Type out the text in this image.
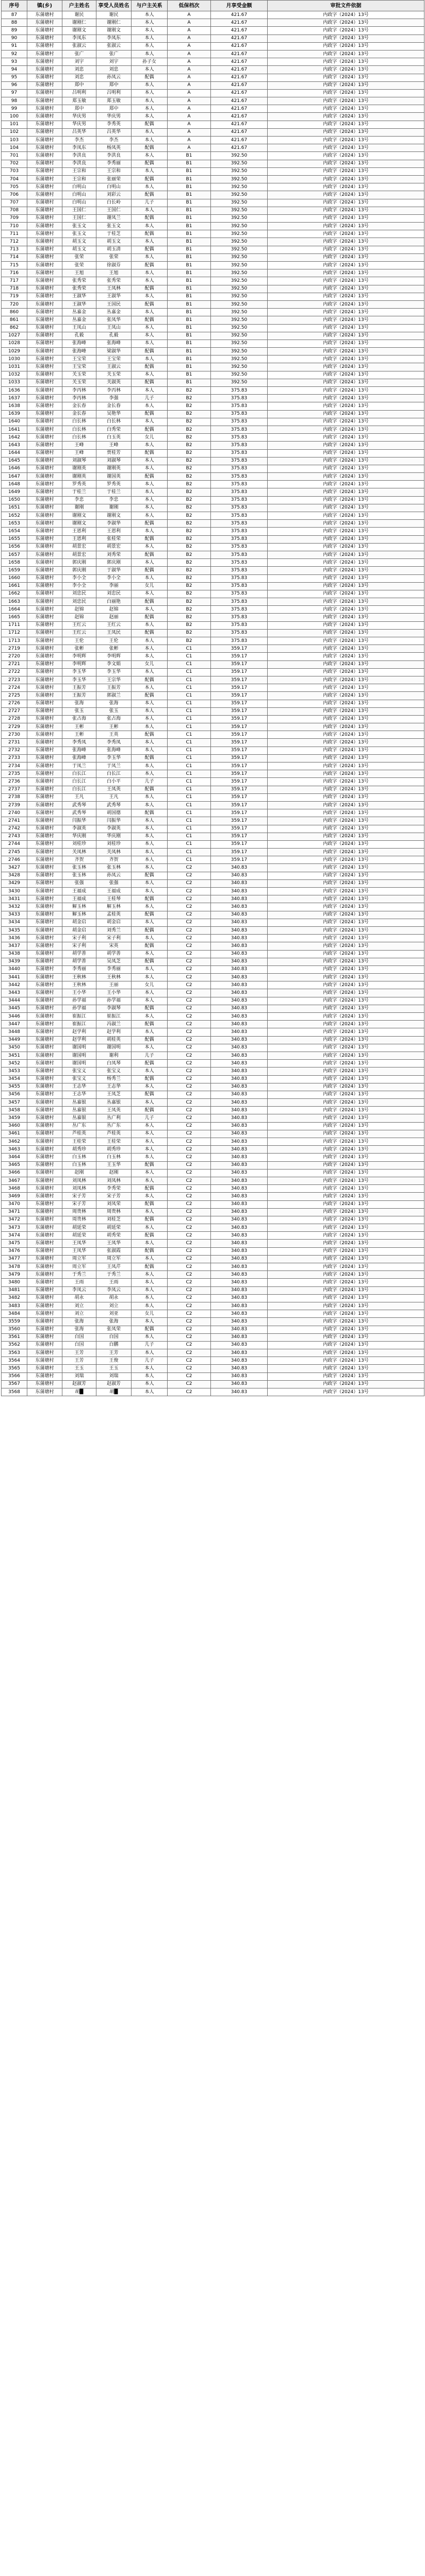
序号	镇(乡)	户主姓名	享受人员姓名	与户主关系	低保档次	月享受金额	审批文件依据
87	东蒲塘村	谢民	谢民	本人	A	421.67	内政字（2024）13号
88	东蒲塘村	谢刚仁	谢刚仁	本人	A	421.67	内政字（2024）13号
89	东蒲塘村	谢刚文	谢刚文	本人	A	421.67	内政字（2024）13号
90	东蒲塘村	李凤东	李凤东	本人	A	421.67	内政字（2024）13号
91	东蒲塘村	张淑云	张淑云	本人	A	421.67	内政字（2024）13号
92	东蒲塘村	张广	张广	本人	A	421.67	内政字（2024）13号
93	东蒲塘村	刘宇	刘宇	孙子女	A	421.67	内政字（2024）13号
94	东蒲塘村	刘忠	刘忠	本人	A	421.67	内政字（2024）13号
95	东蒲塘村	刘忠	孙凤云	配偶	A	421.67	内政字（2024）13号
96	东蒲塘村	郑中	郑中	本人	A	421.67	内政字（2024）13号
97	东蒲塘村	吕明利	吕明利	本人	A	421.67	内政字（2024）13号
98	东蒲塘村	郑玉敏	郑玉敏	本人	A	421.67	内政字（2024）13号
99	东蒲塘村	郑中	郑中	本人	A	421.67	内政字（2024）13号
100	东蒲塘村	华庆男	华庆男	本人	A	421.67	内政字（2024）13号
101	东蒲塘村	华庆男	李秀英	配偶	A	421.67	内政字（2024）13号
102	东蒲塘村	吕英华	吕英华	本人	A	421.67	内政字（2024）13号
103	东蒲塘村	李杰	李杰	本人	A	421.67	内政字（2024）13号
104	东蒲塘村	李凤东	杨凤英	配偶	A	421.67	内政字（2024）13号
701	东蒲塘村	李洪良	李洪良	本人	B1	392.50	内政字（2024）13号
702	东蒲塘村	李洪良	李秀丽	配偶	B1	392.50	内政字（2024）13号
703	东蒲塘村	王宗和	王宗和	本人	B1	392.50	内政字（2024）13号
704	东蒲塘村	王宗和	张丽荣	配偶	B1	392.50	内政字（2024）13号
705	东蒲塘村	白明山	白明山	本人	B1	392.50	内政字（2024）13号
706	东蒲塘村	白明山	刘彩云	配偶	B1	392.50	内政字（2024）13号
707	东蒲塘村	白明山	白长岭	儿子	B1	392.50	内政字（2024）13号
708	东蒲塘村	王国仁	王国仁	本人	B1	392.50	内政字（2024）13号
709	东蒲塘村	王国仁	谢凤兰	配偶	B1	392.50	内政字（2024）13号
710	东蒲塘村	张玉文	张玉文	本人	B1	392.50	内政字（2024）13号
711	东蒲塘村	张玉文	于桂芝	配偶	B1	392.50	内政字（2024）13号
712	东蒲塘村	胡玉文	胡玉文	本人	B1	392.50	内政字（2024）13号
713	东蒲塘村	胡玉文	胡玉清	配偶	B1	392.50	内政字（2024）13号
714	东蒲塘村	张荣	张荣	本人	B1	392.50	内政字（2024）13号
715	东蒲塘村	张荣	徐淑芬	配偶	B1	392.50	内政字（2024）13号
716	东蒲塘村	王旭	王旭	本人	B1	392.50	内政字（2024）13号
717	东蒲塘村	张秀荣	张秀荣	本人	B1	392.50	内政字（2024）13号
718	东蒲塘村	张秀荣	王凤林	配偶	B1	392.50	内政字（2024）13号
719	东蒲塘村	王淑华	王淑华	本人	B1	392.50	内政字（2024）13号
720	东蒲塘村	王淑华	王国民	配偶	B1	392.50	内政字（2024）13号
860	东蒲塘村	丛嘉金	丛嘉金	本人	B1	392.50	内政字（2024）13号
861	东蒲塘村	丛嘉金	张凤华	配偶	B1	392.50	内政字（2024）13号
862	东蒲塘村	王凤山	王凤山	本人	B1	392.50	内政字（2024）13号
1027	东蒲塘村	孔毅	孔毅	本人	B1	392.50	内政字（2024）13号
1028	东蒲塘村	张海峰	张海峰	本人	B1	392.50	内政字（2024）13号
1029	东蒲塘村	张海峰	梁淑华	配偶	B1	392.50	内政字（2024）13号
1030	东蒲塘村	王宝荣	王宝荣	本人	B1	392.50	内政字（2024）13号
1031	东蒲塘村	王宝荣	王淑云	配偶	B1	392.50	内政字（2024）13号
1032	东蒲塘村	关玉荣	关玉荣	本人	B1	392.50	内政字（2024）13号
1033	东蒲塘村	关玉荣	关淑英	配偶	B1	392.50	内政字（2024）13号
1636	东蒲塘村	李丙林	李丙林	本人	B2	375.83	内政字（2024）13号
1637	东蒲塘村	李丙林	李强	儿子	B2	375.83	内政字（2024）13号
1638	东蒲塘村	金长春	金长春	本人	B2	375.83	内政字（2024）13号
1639	东蒲塘村	金长春	吴艳华	配偶	B2	375.83	内政字（2024）13号
1640	东蒲塘村	白长林	白长林	本人	B2	375.83	内政字（2024）13号
1641	东蒲塘村	白长林	白秀荣	配偶	B2	375.83	内政字（2024）13号
1642	东蒲塘村	白长林	白玉英	女儿	B2	375.83	内政字（2024）13号
1643	东蒲塘村	王峰	王峰	本人	B2	375.83	内政字（2024）13号
1644	东蒲塘村	王峰	贾桂芳	配偶	B2	375.83	内政字（2024）13号
1645	东蒲塘村	刘淑琴	刘淑琴	本人	B2	375.83	内政字（2024）13号
1646	东蒲塘村	谢刚英	谢刚英	本人	B2	375.83	内政字（2024）13号
1647	东蒲塘村	谢刚英	谢国英	配偶	B2	375.83	内政字（2024）13号
1648	东蒲塘村	罗秀英	罗秀英	本人	B2	375.83	内政字（2024）13号
1649	东蒲塘村	于桂兰	于桂兰	本人	B2	375.83	内政字（2024）13号
1650	东蒲塘村	李忠	李忠	本人	B2	375.83	内政字（2024）13号
1651	东蒲塘村	谢刚	谢刚	本人	B2	375.83	内政字（2024）13号
1652	东蒲塘村	谢刚文	谢刚文	本人	B2	375.83	内政字（2024）13号
1653	东蒲塘村	谢刚文	李淑华	配偶	B2	375.83	内政字（2024）13号
1654	东蒲塘村	王恩利	王恩利	本人	B2	375.83	内政字（2024）13号
1655	东蒲塘村	王恩利	张桂荣	配偶	B2	375.83	内政字（2024）13号
1656	东蒲塘村	胡景宏	胡景宏	本人	B2	375.83	内政字（2024）13号
1657	东蒲塘村	胡景宏	刘秀荣	配偶	B2	375.83	内政字（2024）13号
1658	东蒲塘村	郭庆刚	郭庆刚	本人	B2	375.83	内政字（2024）13号
1659	东蒲塘村	郭庆刚	于淑华	配偶	B2	375.83	内政字（2024）13号
1660	东蒲塘村	李小全	李小全	本人	B2	375.83	内政字（2024）13号
1661	东蒲塘村	李小全	李丽	女儿	B2	375.83	内政字（2024）13号
1662	东蒲塘村	刘忠民	刘忠民	本人	B2	375.83	内政字（2024）13号
1663	东蒲塘村	刘忠民	白丽艳	配偶	B2	375.83	内政字（2024）13号
1664	东蒲塘村	赵锦	赵锦	本人	B2	375.83	内政字（2024）13号
1665	东蒲塘村	赵锦	赵丽	配偶	B2	375.83	内政字（2024）13号
1711	东蒲塘村	王红云	王红云	本人	B2	375.83	内政字（2024）13号
1712	东蒲塘村	王红云	王凤民	配偶	B2	375.83	内政字（2024）13号
1713	东蒲塘村	王伦	王伦	本人	B2	375.83	内政字（2024）13号
2719	东蒲塘村	张彬	张彬	本人	C1	359.17	内政字（2024）13号
2720	东蒲塘村	李明辉	李明辉	本人	C1	359.17	内政字（2024）13号
2721	东蒲塘村	李明辉	李文娟	女儿	C1	359.17	内政字（2024）13号
2722	东蒲塘村	李玉华	李玉华	本人	C1	359.17	内政字（2024）13号
2723	东蒲塘村	李玉华	王宗华	配偶	C1	359.17	内政字（2024）13号
2724	东蒲塘村	王振芳	王振芳	本人	C1	359.17	内政字（2024）13号
2725	东蒲塘村	王振芳	郭淑兰	配偶	C1	359.17	内政字（2024）13号
2726	东蒲塘村	张海	张海	本人	C1	359.17	内政字（2024）13号
2727	东蒲塘村	张玉	张玉	本人	C1	359.17	内政字（2024）13号
2728	东蒲塘村	张占海	张占海	本人	C1	359.17	内政字（2024）13号
2729	东蒲塘村	王彬	王彬	本人	C1	359.17	内政字（2024）13号
2730	东蒲塘村	王彬	王英	配偶	C1	359.17	内政字（2024）13号
2731	东蒲塘村	李秀凤	李秀凤	本人	C1	359.17	内政字（2024）13号
2732	东蒲塘村	张海峰	张海峰	本人	C1	359.17	内政字（2024）13号
2733	东蒲塘村	张海峰	李玉华	配偶	C1	359.17	内政字（2024）13号
2734	东蒲塘村	于凤兰	于凤兰	本人	C1	359.17	内政字（2024）13号
2735	东蒲塘村	白长江	白长江	本人	C1	359.17	内政字（2024）13号
2736	东蒲塘村	白长江	白小平	儿子	C1	359.17	内政字（2024）13号
2737	东蒲塘村	白长江	王凤英	配偶	C1	359.17	内政字（2024）13号
2738	东蒲塘村	王凡	王凡	本人	C1	359.17	内政字（2024）13号
2739	东蒲塘村	武秀琴	武秀琴	本人	C1	359.17	内政字（2024）13号
2740	东蒲塘村	武秀琴	胡国德	配偶	C1	359.17	内政字（2024）13号
2741	东蒲塘村	闫振华	闫振华	本人	C1	359.17	内政字（2024）13号
2742	东蒲塘村	李淑英	李淑英	本人	C1	359.17	内政字（2024）13号
2743	东蒲塘村	华庆刚	华庆刚	本人	C1	359.17	内政字（2024）13号
2744	东蒲塘村	刘桂珍	刘桂珍	本人	C1	359.17	内政字（2024）13号
2745	东蒲塘村	关凤林	关凤林	本人	C1	359.17	内政字（2024）13号
2746	东蒲塘村	齐贺	齐贺	本人	C1	359.17	内政字（2024）13号
3427	东蒲塘村	张玉林	张玉林	本人	C2	340.83	内政字（2024）13号
3428	东蒲塘村	张玉林	孙凤云	配偶	C2	340.83	内政字（2024）13号
3429	东蒲塘村	张强	张强	本人	C2	340.83	内政字（2024）13号
3430	东蒲塘村	王福成	王福成	本人	C2	340.83	内政字（2024）13号
3431	东蒲塘村	王福成	王桂琴	配偶	C2	340.83	内政字（2024）13号
3432	东蒲塘村	解玉林	解玉林	本人	C2	340.83	内政字（2024）13号
3433	东蒲塘村	解玉林	孟桂英	配偶	C2	340.83	内政字（2024）13号
3434	东蒲塘村	胡金启	胡金启	本人	C2	340.83	内政字（2024）13号
3435	东蒲塘村	胡金启	刘秀兰	配偶	C2	340.83	内政字（2024）13号
3436	东蒲塘村	宋子利	宋子利	本人	C2	340.83	内政字（2024）13号
3437	东蒲塘村	宋子利	宋英	配偶	C2	340.83	内政字（2024）13号
3438	东蒲塘村	胡学善	胡学善	本人	C2	340.83	内政字（2024）13号
3439	东蒲塘村	胡学善	吴凤芝	配偶	C2	340.83	内政字（2024）13号
3440	东蒲塘村	李秀丽	李秀丽	本人	C2	340.83	内政字（2024）13号
3441	东蒲塘村	王秋林	王秋林	本人	C2	340.83	内政字（2024）13号
3442	东蒲塘村	王秋林	王丽	女儿	C2	340.83	内政字（2024）13号
3443	东蒲塘村	王小华	王小华	本人	C2	340.83	内政字（2024）13号
3444	东蒲塘村	孙学福	孙学福	本人	C2	340.83	内政字（2024）13号
3445	东蒲塘村	孙学福	李淑琴	配偶	C2	340.83	内政字（2024）13号
3446	东蒲塘村	崔振江	崔振江	本人	C2	340.83	内政字（2024）13号
3447	东蒲塘村	崔振江	冯淑兰	配偶	C2	340.83	内政字（2024）13号
3448	东蒲塘村	赵学利	赵学利	本人	C2	340.83	内政字（2024）13号
3449	东蒲塘村	赵学利	胡桂英	配偶	C2	340.83	内政字（2024）13号
3450	东蒲塘村	谢国明	谢国明	本人	C2	340.83	内政字（2024）13号
3451	东蒲塘村	谢国明	谢利	儿子	C2	340.83	内政字（2024）13号
3452	东蒲塘村	谢国明	白凤琴	配偶	C2	340.83	内政字（2024）13号
3453	东蒲塘村	张宝义	张宝义	本人	C2	340.83	内政字（2024）13号
3454	东蒲塘村	张宝义	杨秀兰	配偶	C2	340.83	内政字（2024）13号
3455	东蒲塘村	王志华	王志华	本人	C2	340.83	内政字（2024）13号
3456	东蒲塘村	王志华	王凤芝	配偶	C2	340.83	内政字（2024）13号
3457	东蒲塘村	丛嘉银	丛嘉银	本人	C2	340.83	内政字（2024）13号
3458	东蒲塘村	丛嘉银	王凤英	配偶	C2	340.83	内政字（2024）13号
3459	东蒲塘村	丛嘉银	丛广利	儿子	C2	340.83	内政字（2024）13号
3460	东蒲塘村	丛广东	丛广东	本人	C2	340.83	内政字（2024）13号
3461	东蒲塘村	芦桂英	芦桂英	本人	C2	340.83	内政字（2024）13号
3462	东蒲塘村	王桂荣	王桂荣	本人	C2	340.83	内政字（2024）13号
3463	东蒲塘村	胡秀珍	胡秀珍	本人	C2	340.83	内政字（2024）13号
3464	东蒲塘村	白玉林	白玉林	本人	C2	340.83	内政字（2024）13号
3465	东蒲塘村	白玉林	王玉华	配偶	C2	340.83	内政字（2024）13号
3466	东蒲塘村	赵刚	赵刚	本人	C2	340.83	内政字（2024）13号
3467	东蒲塘村	刘凤林	刘凤林	本人	C2	340.83	内政字（2024）13号
3468	东蒲塘村	刘凤林	李秀荣	配偶	C2	340.83	内政字（2024）13号
3469	东蒲塘村	宋子芳	宋子芳	本人	C2	340.83	内政字（2024）13号
3470	东蒲塘村	宋子芳	刘凤荣	配偶	C2	340.83	内政字（2024）13号
3471	东蒲塘村	周贵林	周贵林	本人	C2	340.83	内政字（2024）13号
3472	东蒲塘村	周贵林	刘桂芝	配偶	C2	340.83	内政字（2024）13号
3473	东蒲塘村	胡延荣	胡延荣	本人	C2	340.83	内政字（2024）13号
3474	东蒲塘村	胡延荣	胡秀荣	配偶	C2	340.83	内政字（2024）13号
3475	东蒲塘村	王凤华	王凤华	本人	C2	340.83	内政字（2024）13号
3476	东蒲塘村	王凤华	张淑霞	配偶	C2	340.83	内政字（2024）13号
3477	东蒲塘村	周立军	周立军	本人	C2	340.83	内政字（2024）13号
3478	东蒲塘村	周立军	王凤芹	配偶	C2	340.83	内政字（2024）13号
3479	东蒲塘村	于秀兰	于秀兰	本人	C2	340.83	内政字（2024）13号
3480	东蒲塘村	王雨	王雨	本人	C2	340.83	内政字（2024）13号
3481	东蒲塘村	李凤云	李凤云	本人	C2	340.83	内政字（2024）13号
3482	东蒲塘村	胡永	胡永	本人	C2	340.83	内政字（2024）13号
3483	东蒲塘村	刘立	刘立	本人	C2	340.83	内政字（2024）13号
3484	东蒲塘村	刘立	刘亚	女儿	C2	340.83	内政字（2024）13号
3559	东蒲塘村	张海	张海	本人	C2	340.83	内政字（2024）13号
3560	东蒲塘村	张海	张凤荣	配偶	C2	340.83	内政字（2024）13号
3561	东蒲塘村	白国	白国	本人	C2	340.83	内政字（2024）13号
3562	东蒲塘村	白国	白鹏	儿子	C2	340.83	内政字（2024）13号
3563	东蒲塘村	王芳	王芳	本人	C2	340.83	内政字（2024）13号
3564	东蒲塘村	王芳	王俊	儿子	C2	340.83	内政字（2024）13号
3565	东蒲塘村	王玉	王玉	本人	C2	340.83	内政字（2024）13号
3566	东蒲塘村	刘瑞	刘瑞	本人	C2	340.83	内政字（2024）13号
3567	东蒲塘村	赵淑芳	赵淑芳	本人	C2	340.83	内政字（2024）13号
3568	东蒲塘村	胡█	胡█	本人	C2	340.83	内政字（2024）13号
